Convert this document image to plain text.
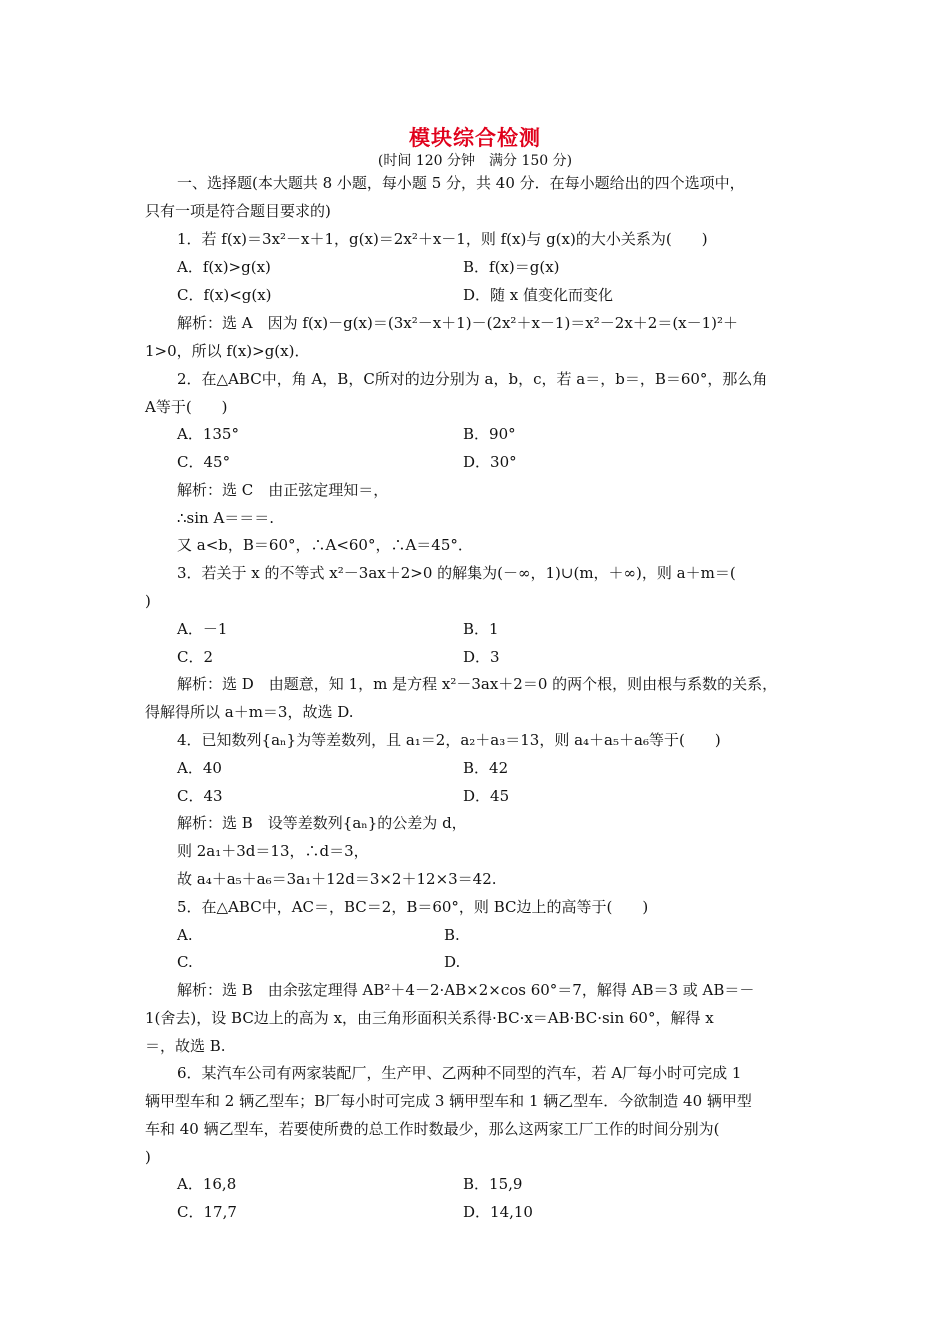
模块综合检测
(时间 120 分钟　满分 150 分)
一、选择题(本大题共 8 小题，每小题 5 分，共 40 分．在每小题给出的四个选项中，
只有一项是符合题目要求的)
1．若 f(x)＝3x²－x＋1，g(x)＝2x²＋x－1，则 f(x)与 g(x)的大小关系为(　　)
A．f(x)>g(x)	B．f(x)＝g(x)
C．f(x)<g(x)	D．随 x 值变化而变化
解析：选 A　因为 f(x)－g(x)＝(3x²－x＋1)－(2x²＋x－1)＝x²－2x＋2＝(x－1)²＋
1>0，所以 f(x)>g(x)．
2．在△ABC中，角 A，B，C所对的边分别为 a，b，c，若 a＝，b＝，B＝60°，那么角
A等于(　　)
A．135°	B．90°
C．45°	D．30°
解析：选 C　由正弦定理知＝，
∴sin A＝＝＝.
又 a<b，B＝60°，∴A<60°，∴A＝45°．
3．若关于 x 的不等式 x²－3ax＋2>0 的解集为(－∞，1)∪(m，＋∞)，则 a＋m＝(
)
A．－1	B．1
C．2	D．3
解析：选 D　由题意，知 1，m 是方程 x²－3ax＋2＝0 的两个根，则由根与系数的关系，
得解得所以 a＋m＝3，故选 D.
4．已知数列{aₙ}为等差数列，且 a₁＝2，a₂＋a₃＝13，则 a₄＋a₅＋a₆等于(　　)
A．40	B．42
C．43	D．45
解析：选 B　设等差数列{aₙ}的公差为 d，
则 2a₁＋3d＝13，∴d＝3，
故 a₄＋a₅＋a₆＝3a₁＋12d＝3×2＋12×3＝42.
5．在△ABC中，AC＝，BC＝2，B＝60°，则 BC边上的高等于(　　)
A.	B.
C.	D.
解析：选 B　由余弦定理得 AB²＋4－2·AB×2×cos 60°＝7，解得 AB＝3 或 AB＝－
1(舍去)，设 BC边上的高为 x，由三角形面积关系得·BC·x＝AB·BC·sin 60°，解得 x
＝，故选 B.
6．某汽车公司有两家装配厂，生产甲、乙两种不同型的汽车，若 A厂每小时可完成 1
辆甲型车和 2 辆乙型车；B厂每小时可完成 3 辆甲型车和 1 辆乙型车．今欲制造 40 辆甲型
车和 40 辆乙型车，若要使所费的总工作时数最少，那么这两家工厂工作的时间分别为(
)
A．16,8	B．15,9
C．17,7	D．14,10
